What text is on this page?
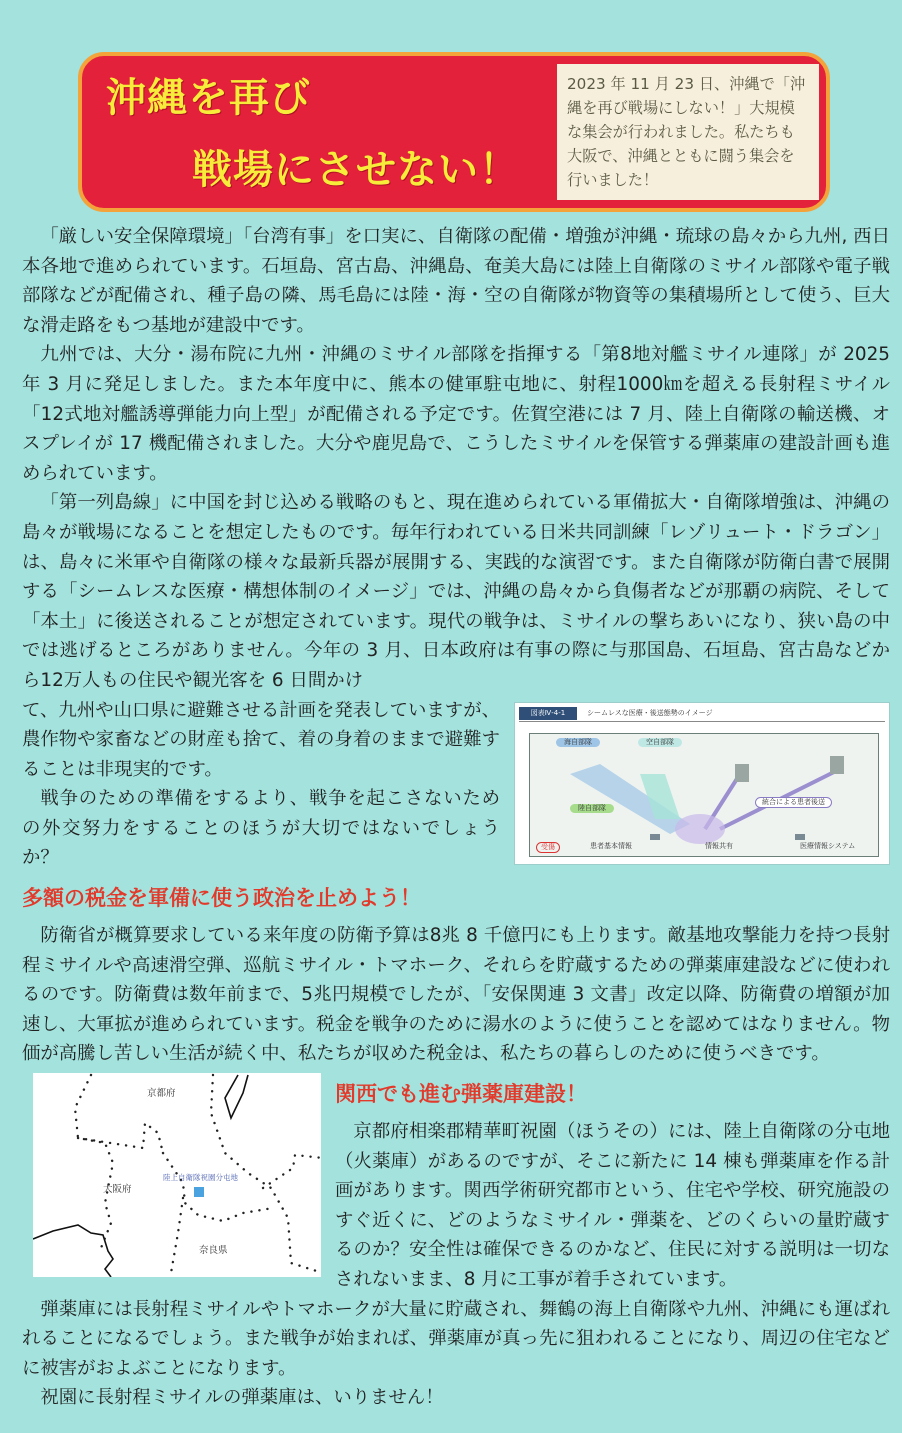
沖縄を再び
戦場にさせない！
2023 年 11 月 23 日、沖縄で「沖縄を再び戦場にしない！」大規模な集会が行われました。私たちも大阪で、沖縄とともに闘う集会を行いました！

「厳しい安全保障環境」「台湾有事」を口実に、自衛隊の配備・増強が沖縄・琉球の島々から九州, 西日本各地で進められています。石垣島、宮古島、沖縄島、奄美大島には陸上自衛隊のミサイル部隊や電子戦部隊などが配備され、種子島の隣、馬毛島には陸・海・空の自衛隊が物資等の集積場所として使う、巨大な滑走路をもつ基地が建設中です。

九州では、大分・湯布院に九州・沖縄のミサイル部隊を指揮する「第8地対艦ミサイル連隊」が 2025 年 3 月に発足しました。また本年度中に、熊本の健軍駐屯地に、射程1000㎞を超える長射程ミサイル「12式地対艦誘導弾能力向上型」が配備される予定です。佐賀空港には 7 月、陸上自衛隊の輸送機、オスプレイが 17 機配備されました。大分や鹿児島で、こうしたミサイルを保管する弾薬庫の建設計画も進められています。

「第一列島線」に中国を封じ込める戦略のもと、現在進められている軍備拡大・自衛隊増強は、沖縄の島々が戦場になることを想定したものです。毎年行われている日米共同訓練「レゾリュート・ドラゴン」は、島々に米軍や自衛隊の様々な最新兵器が展開する、実践的な演習です。また自衛隊が防衛白書で展開する「シームレスな医療・構想体制のイメージ」では、沖縄の島々から負傷者などが那覇の病院、そして「本土」に後送されることが想定されています。現代の戦争は、ミサイルの撃ちあいになり、狭い島の中では逃げるところがありません。今年の 3 月、日本政府は有事の際に与那国島、石垣島、宮古島などから12万人もの住民や観光客を 6 日間かけ

図表Ⅳ-4-1	シームレスな医療・後送態勢のイメージ
海自部隊	空自部隊
陸自部隊
統合による患者後送
受傷	患者基本情報	情報共有	医療情報システム

て、九州や山口県に避難させる計画を発表していますが、農作物や家畜などの財産も捨て、着の身着のままで避難することは非現実的です。

戦争のための準備をするより、戦争を起こさないための外交努力をすることのほうが大切ではないでしょうか？

多額の税金を軍備に使う政治を止めよう！

防衛省が概算要求している来年度の防衛予算は8兆 8 千億円にも上ります。敵基地攻撃能力を持つ長射程ミサイルや高速滑空弾、巡航ミサイル・トマホーク、それらを貯蔵するための弾薬庫建設などに使われるのです。防衛費は数年前まで、5兆円規模でしたが、「安保関連 3 文書」改定以降、防衛費の増額が加速し、大軍拡が進められています。税金を戦争のために湯水のように使うことを認めてはなりません。物価が高騰し苦しい生活が続く中、私たちが収めた税金は、私たちの暮らしのために使うべきです。

京都府
大阪府
奈良県
陸上自衛隊祝園分屯地
関西でも進む弾薬庫建設！

京都府相楽郡精華町祝園（ほうその）には、陸上自衛隊の分屯地（火薬庫）があるのですが、そこに新たに 14 棟も弾薬庫を作る計画があります。関西学術研究都市という、住宅や学校、研究施設のすぐ近くに、どのようなミサイル・弾薬を、どのくらいの量貯蔵するのか？安全性は確保できるのかなど、住民に対する説明は一切なされないまま、8 月に工事が着手されています。

弾薬庫には長射程ミサイルやトマホークが大量に貯蔵され、舞鶴の海上自衛隊や九州、沖縄にも運ばれれることになるでしょう。また戦争が始まれば、弾薬庫が真っ先に狙われることになり、周辺の住宅などに被害がおよぶことになります。

祝園に長射程ミサイルの弾薬庫は、いりません！
